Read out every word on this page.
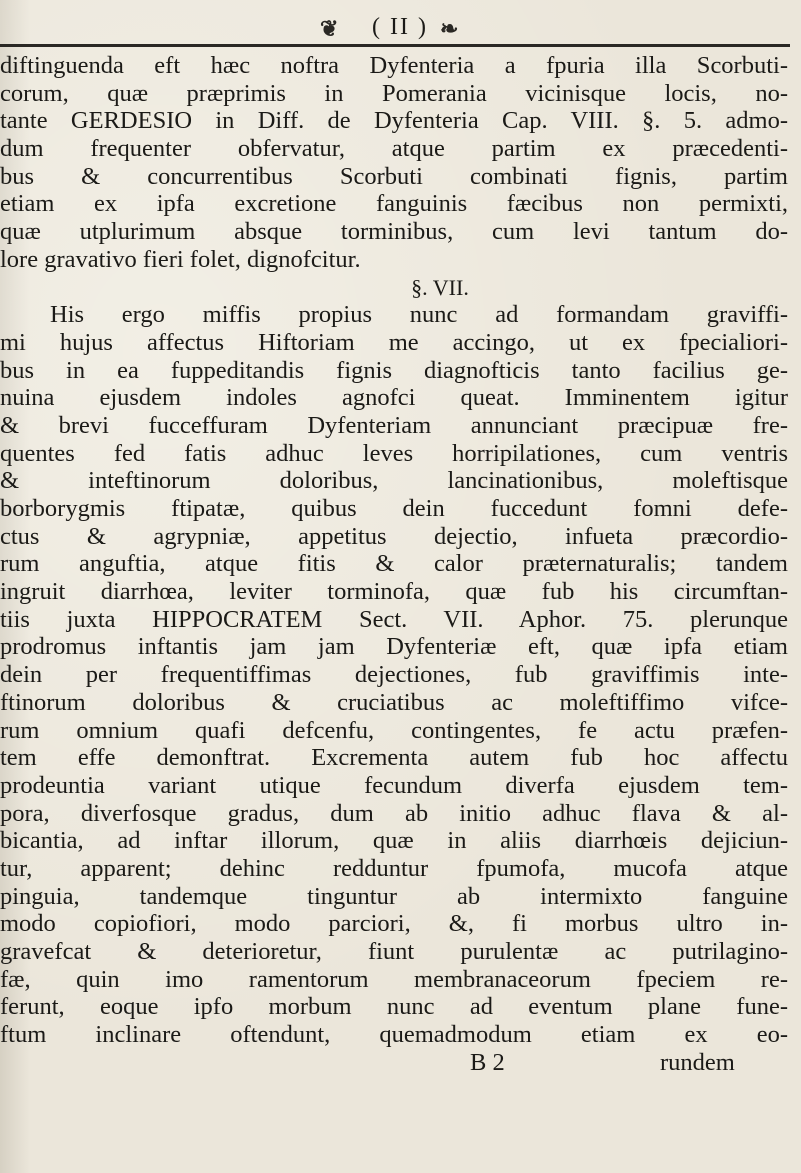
❦	( II ) ❧
diftinguenda eft hæc noftra Dyfenteria a fpuria illa Scorbuti-
corum, quæ præprimis in Pomerania vicinisque locis, no-
tante GERDESIO in Diff. de Dyfenteria Cap. VIII. §. 5. admo-
dum frequenter obfervatur, atque partim ex præcedenti-
bus & concurrentibus Scorbuti combinati fignis, partim
etiam ex ipfa excretione fanguinis fæcibus non permixti,
quæ utplurimum absque torminibus, cum levi tantum do-
lore gravativo fieri folet, dignofcitur.
§. VII.
His ergo miffis propius nunc ad formandam graviffi-
mi hujus affectus Hiftoriam me accingo, ut ex fpecialiori-
bus in ea fuppeditandis fignis diagnofticis tanto facilius ge-
nuina ejusdem indoles agnofci queat. Imminentem igitur
& brevi fucceffuram Dyfenteriam annunciant præcipuæ fre-
quentes fed fatis adhuc leves horripilationes, cum ventris
& inteftinorum doloribus, lancinationibus, moleftisque
borborygmis ftipatæ, quibus dein fuccedunt fomni defe-
ctus & agrypniæ, appetitus dejectio, infueta præcordio-
rum anguftia, atque fitis & calor præternaturalis; tandem
ingruit diarrhœa, leviter torminofa, quæ fub his circumftan-
tiis juxta HIPPOCRATEM Sect. VII. Aphor. 75. plerunque
prodromus inftantis jam jam Dyfenteriæ eft, quæ ipfa etiam
dein per frequentiffimas dejectiones, fub graviffimis inte-
ftinorum doloribus & cruciatibus ac moleftiffimo vifce-
rum omnium quafi defcenfu, contingentes, fe actu præfen-
tem effe demonftrat. Excrementa autem fub hoc affectu
prodeuntia variant utique fecundum diverfa ejusdem tem-
pora, diverfosque gradus, dum ab initio adhuc flava & al-
bicantia, ad inftar illorum, quæ in aliis diarrhœis dejiciun-
tur, apparent; dehinc redduntur fpumofa, mucofa atque
pinguia, tandemque tinguntur ab intermixto fanguine
modo copiofiori, modo parciori, &, fi morbus ultro in-
gravefcat & deterioretur, fiunt purulentæ ac putrilagino-
fæ, quin imo ramentorum membranaceorum fpeciem re-
ferunt, eoque ipfo morbum nunc ad eventum plane fune-
ftum inclinare oftendunt, quemadmodum etiam ex eo-
B 2	rundem
